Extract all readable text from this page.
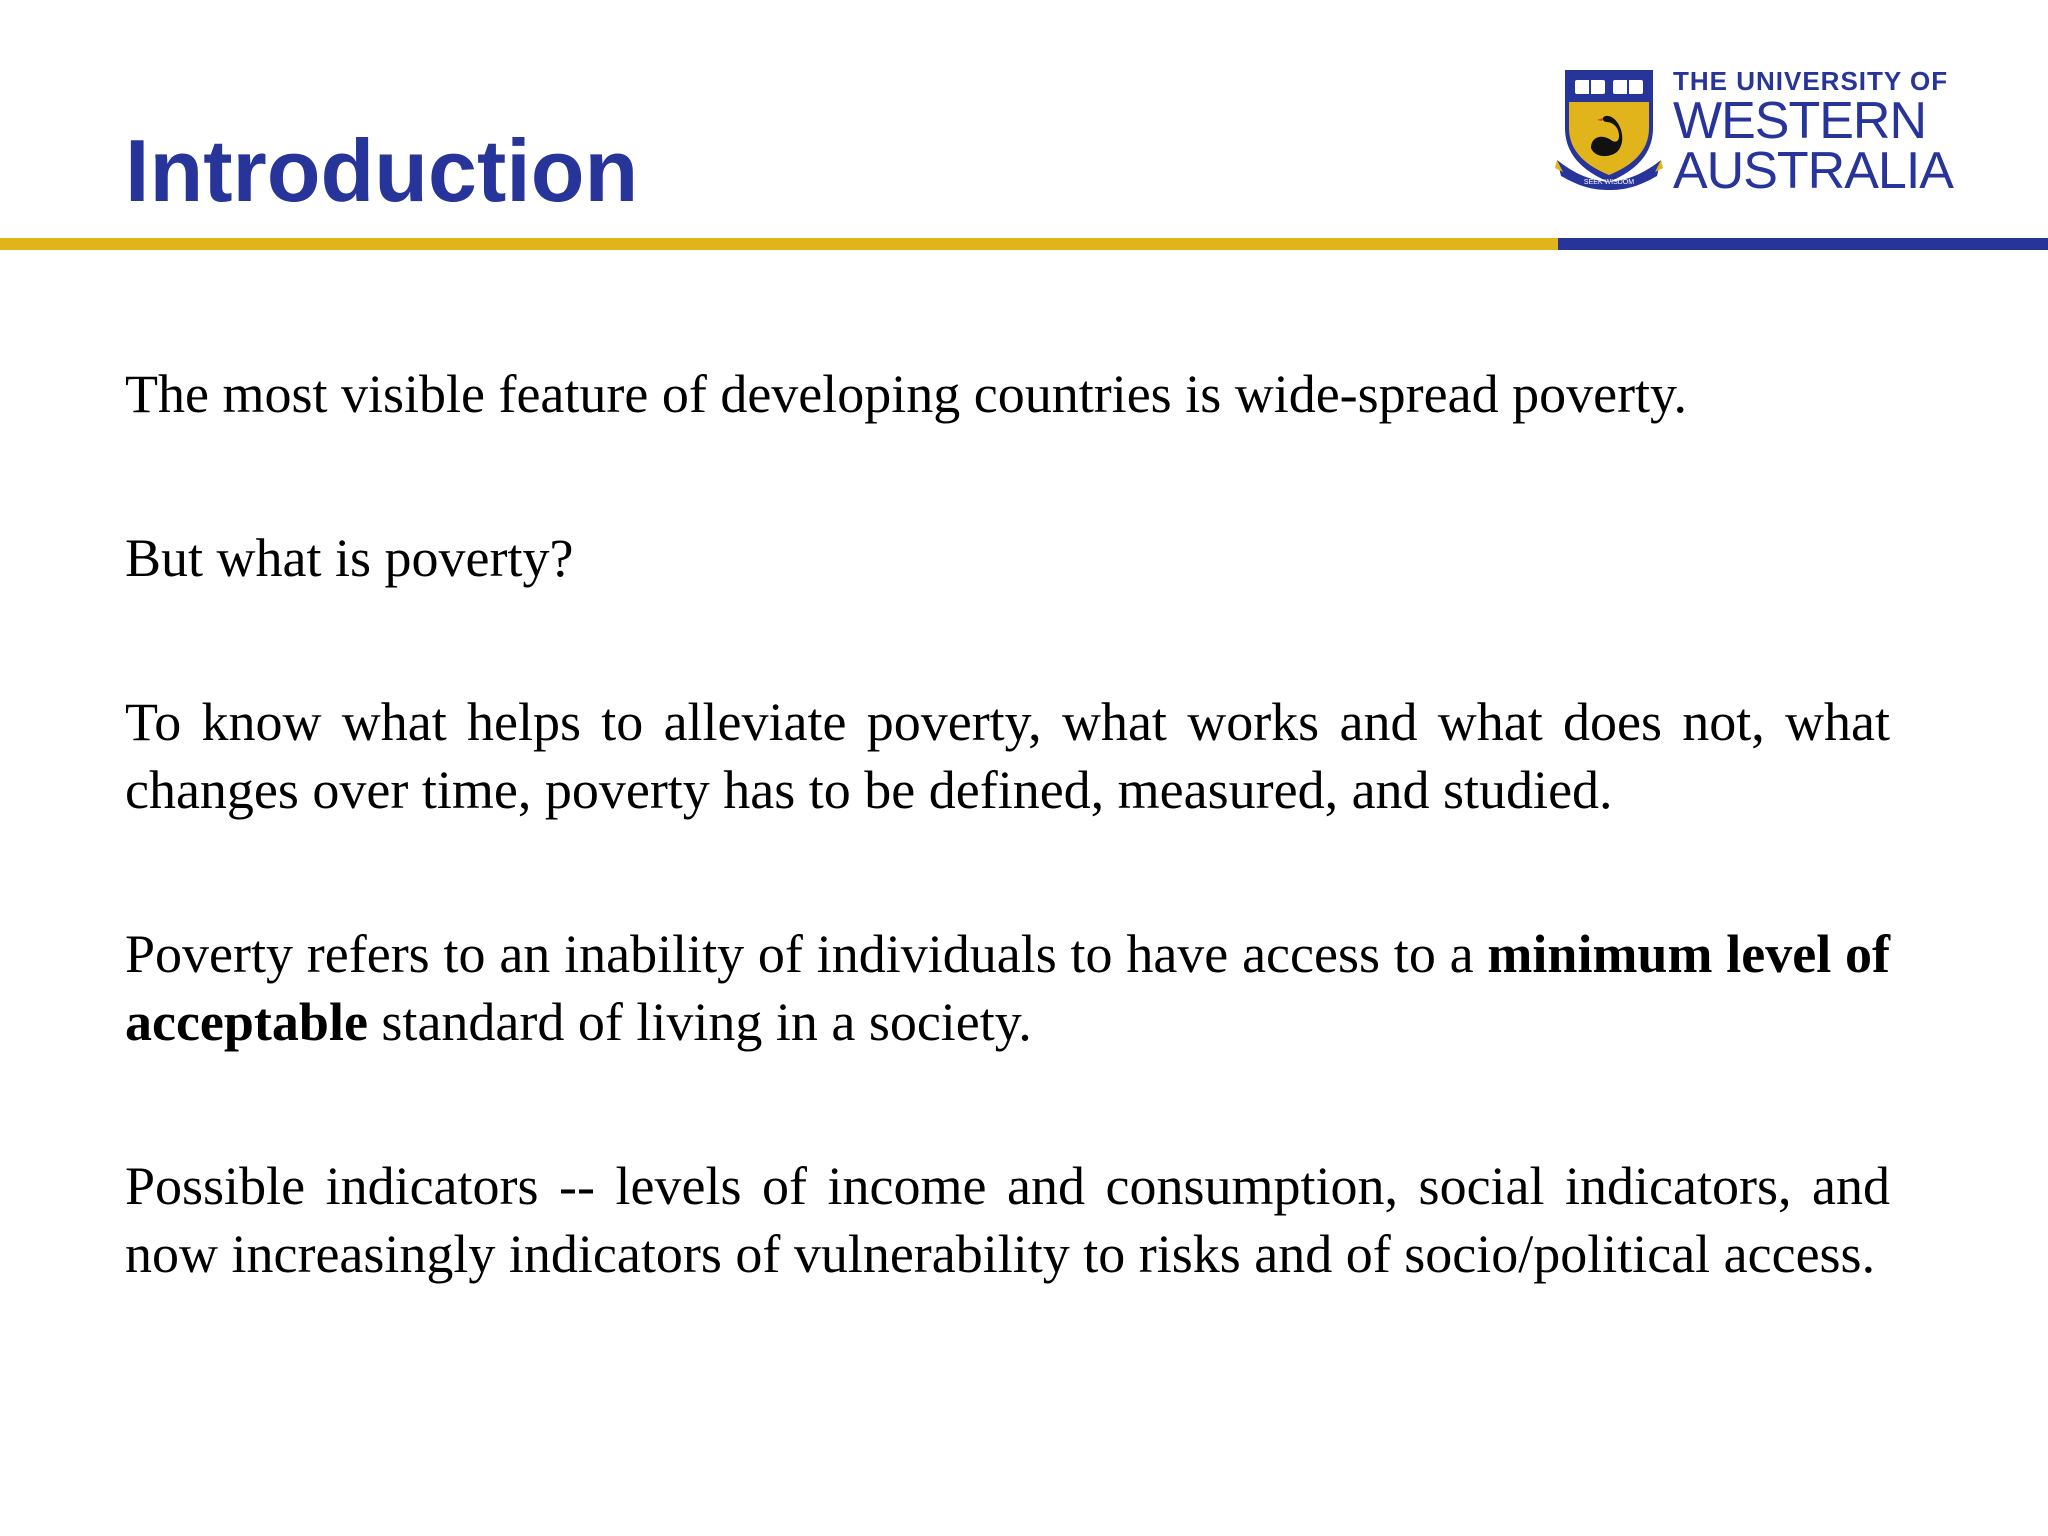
Introduction	SEEK WISDOM
THE UNIVERSITY OF
WESTERN
AUSTRALIA

The most visible feature of developing countries is wide-spread poverty.

But what is poverty?

To know what helps to alleviate poverty, what works and what does not, what changes over time, poverty has to be defined, measured, and studied.

Poverty refers to an inability of individuals to have access to a minimum level of acceptable standard of living in a society.

Possible indicators -- levels of income and consumption, social indicators, and now increasingly indicators of vulnerability to risks and of socio/political access.
